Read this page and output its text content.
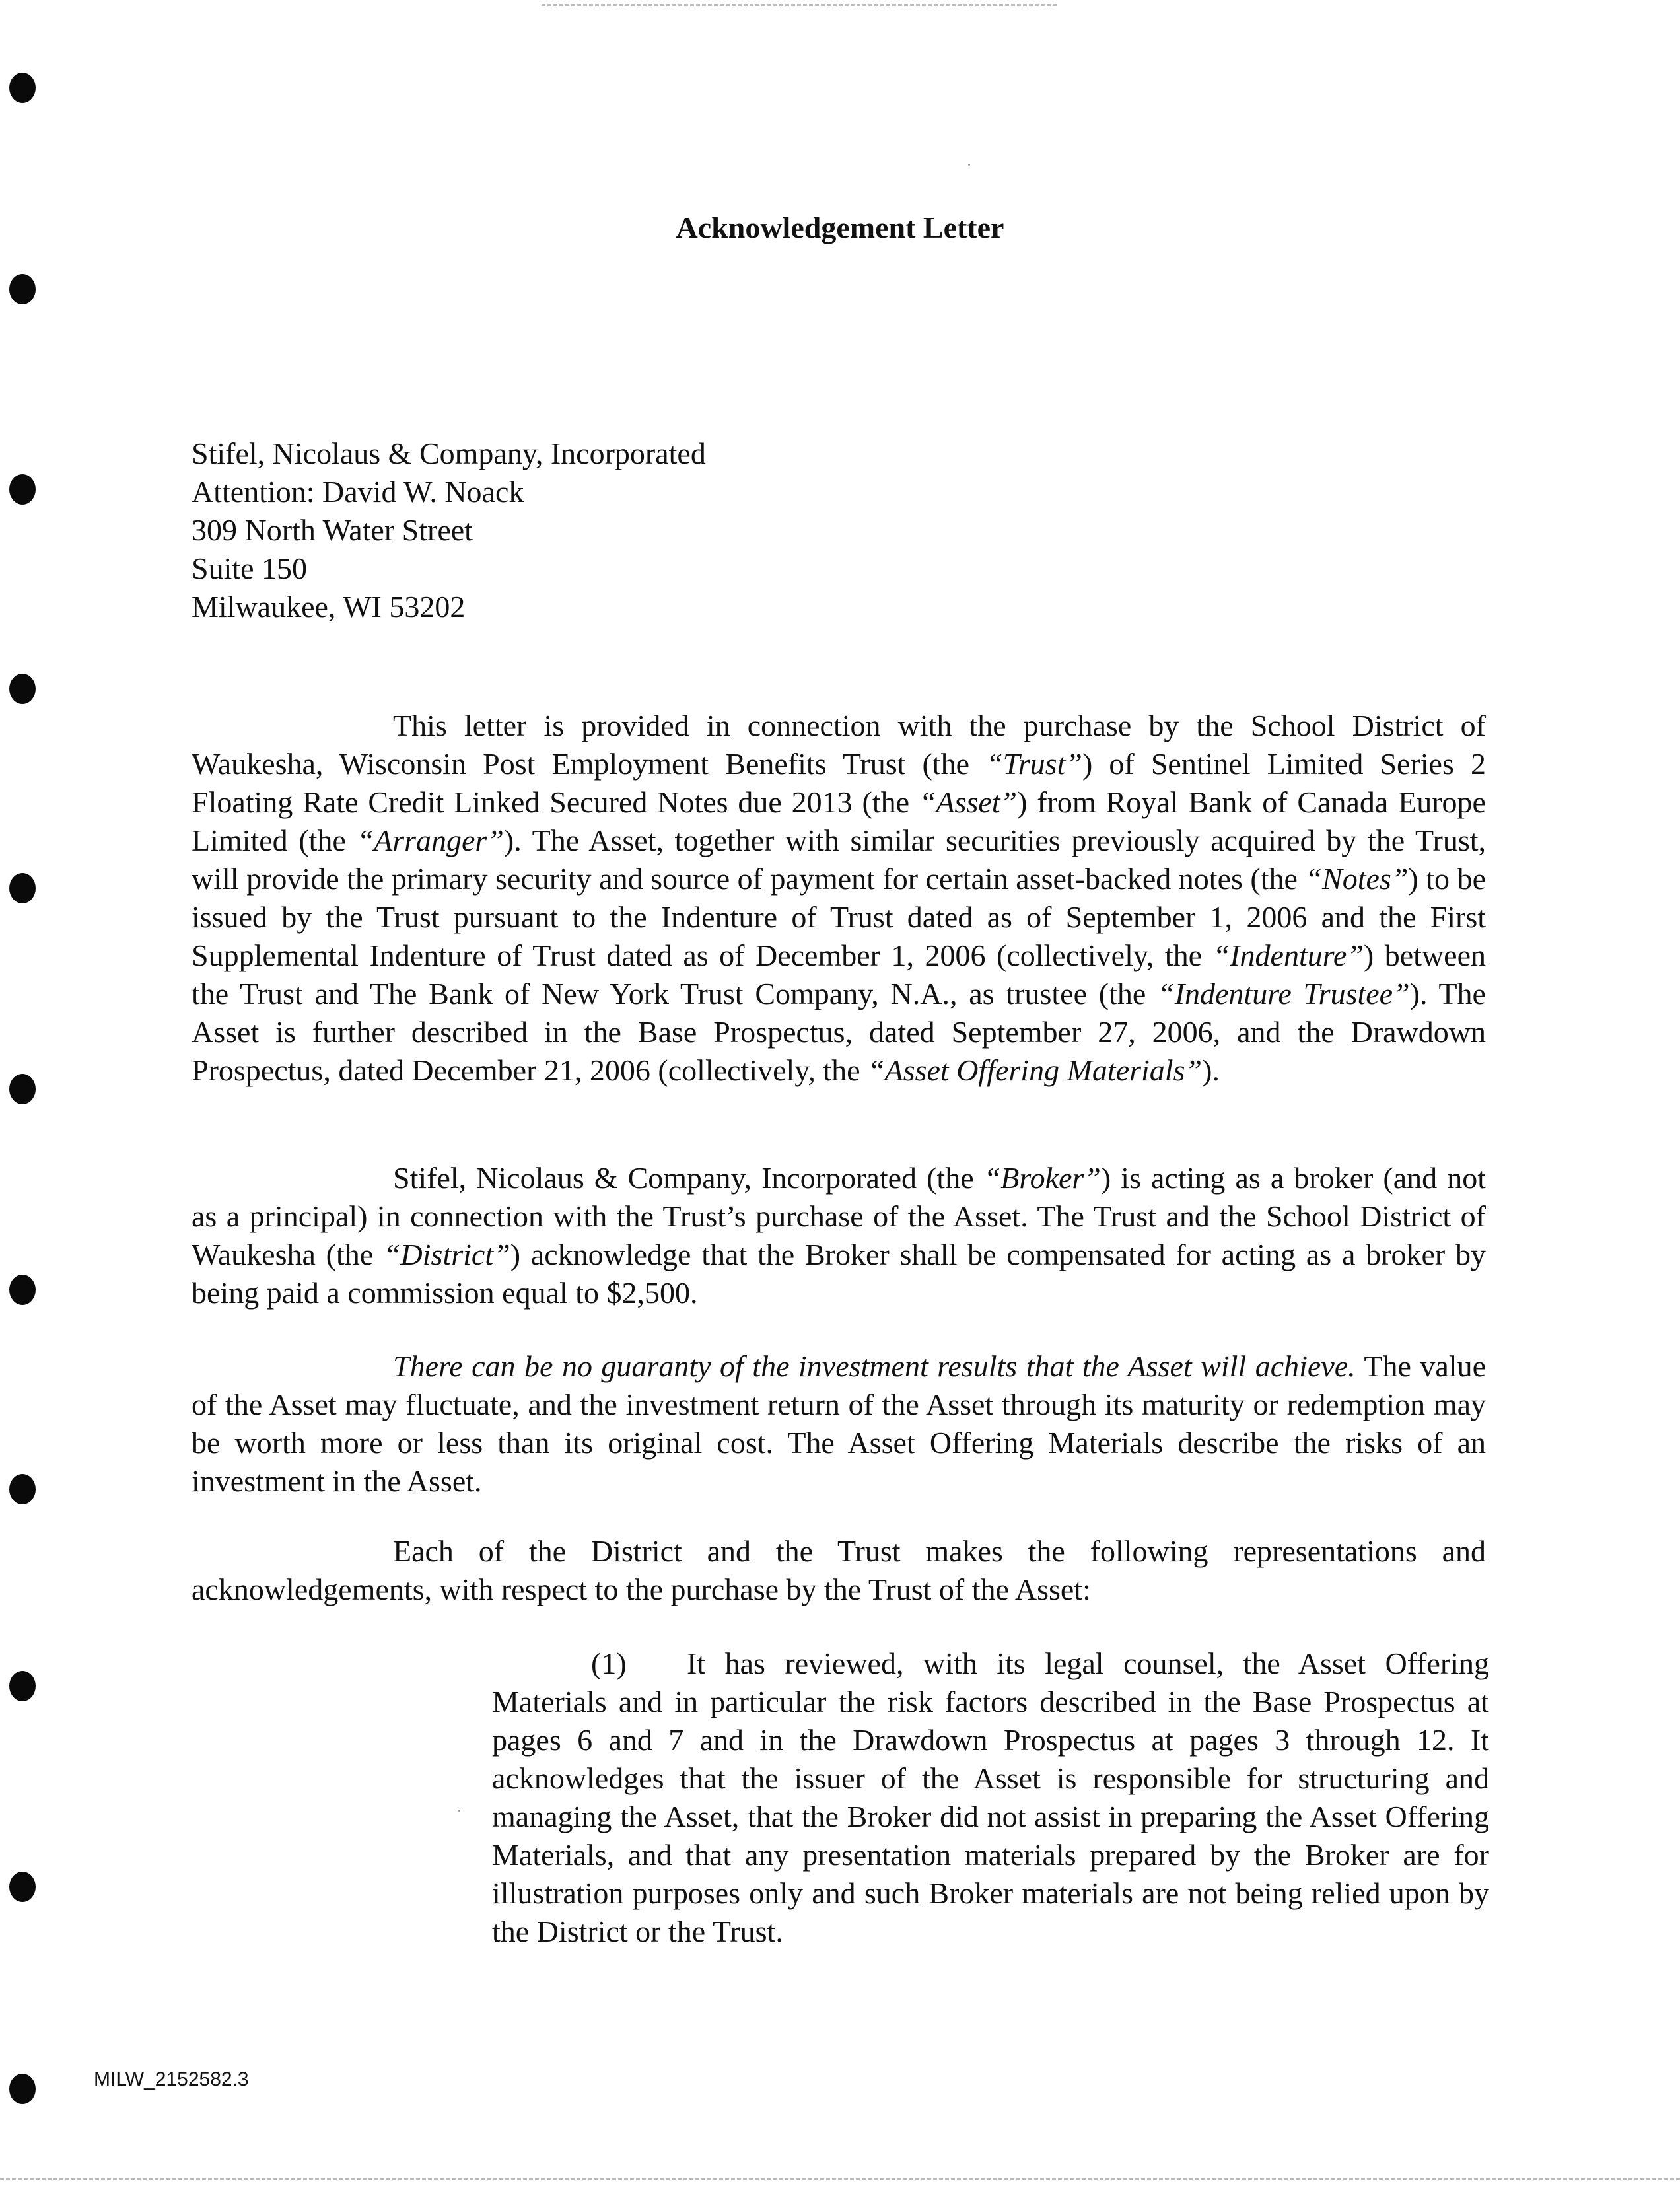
Acknowledgement Letter
Stifel, Nicolaus & Company, Incorporated
Attention: David W. Noack
309 North Water Street
Suite 150
Milwaukee, WI 53202

This letter is provided in connection with the purchase by the School District of Waukesha, Wisconsin Post Employment Benefits Trust (the “Trust”) of Sentinel Limited Series 2 Floating Rate Credit Linked Secured Notes due 2013 (the “Asset”) from Royal Bank of Canada Europe Limited (the “Arranger”). The Asset, together with similar securities previously acquired by the Trust, will provide the primary security and source of payment for certain asset-backed notes (the “Notes”) to be issued by the Trust pursuant to the Indenture of Trust dated as of September 1, 2006 and the First Supplemental Indenture of Trust dated as of December 1, 2006 (collectively, the “Indenture”) between the Trust and The Bank of New York Trust Company, N.A., as trustee (the “Indenture Trustee”). The Asset is further described in the Base Prospectus, dated September 27, 2006, and the Drawdown Prospectus, dated December 21, 2006 (collectively, the “Asset Offering Materials”).

Stifel, Nicolaus & Company, Incorporated (the “Broker”) is acting as a broker (and not as a principal) in connection with the Trust’s purchase of the Asset. The Trust and the School District of Waukesha (the “District”) acknowledge that the Broker shall be compensated for acting as a broker by being paid a commission equal to $2,500.

There can be no guaranty of the investment results that the Asset will achieve. The value of the Asset may fluctuate, and the investment return of the Asset through its maturity or redemption may be worth more or less than its original cost. The Asset Offering Materials describe the risks of an investment in the Asset.

Each of the District and the Trust makes the following representations and acknowledgements, with respect to the purchase by the Trust of the Asset:

(1) It has reviewed, with its legal counsel, the Asset Offering Materials and in particular the risk factors described in the Base Prospectus at pages 6 and 7 and in the Drawdown Prospectus at pages 3 through 12. It acknowledges that the issuer of the Asset is responsible for structuring and managing the Asset, that the Broker did not assist in preparing the Asset Offering Materials, and that any presentation materials prepared by the Broker are for illustration purposes only and such Broker materials are not being relied upon by the District or the Trust.

MILW_2152582.3
